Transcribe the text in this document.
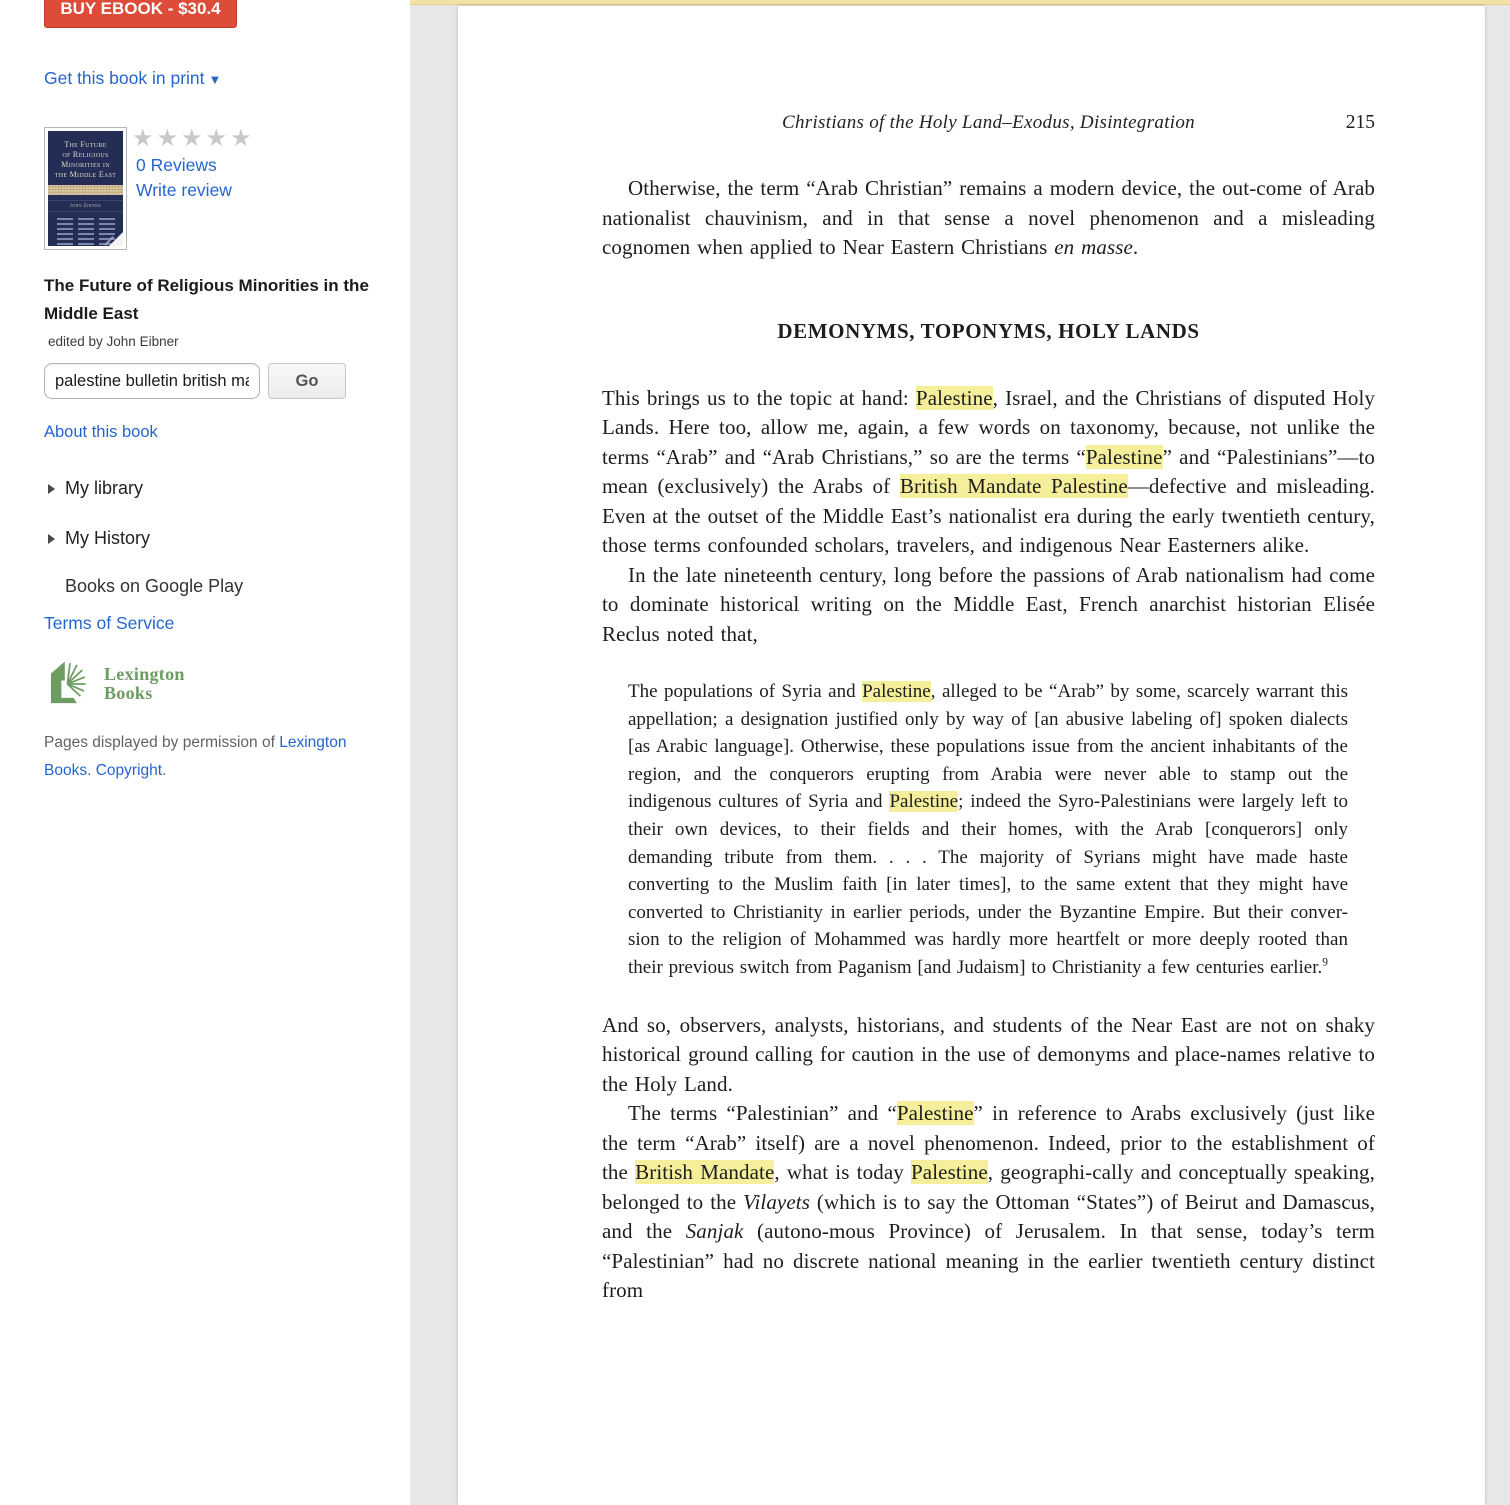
BUY EBOOK - $30.4
Get this book in print ▼
The Future
of Religious
Minorities in
the Middle East
John Eibner
★★★★★
0 Reviews
Write review
The Future of Religious Minorities in the Middle East
edited by John Eibner
palestine bulletin british mand
Go
About this book
My library
My History
Books on Google Play
Terms of Service
Lexington
Books
Pages displayed by permission of Lexington Books. Copyright.
Christians of the Holy Land–Exodus, Disintegration	215

Otherwise, the term “Arab Christian” remains a modern device, the out-come of Arab nationalist chauvinism, and in that sense a novel phenomenon and a misleading cognomen when applied to Near Eastern Christians en masse.

DEMONYMS, TOPONYMS, HOLY LANDS

This brings us to the topic at hand: Palestine, Israel, and the Christians of disputed Holy Lands. Here too, allow me, again, a few words on taxonomy, because, not unlike the terms “Arab” and “Arab Christians,” so are the terms “Palestine” and “Palestinians”—to mean (exclusively) the Arabs of British Mandate Palestine—defective and misleading. Even at the outset of the Middle East’s nationalist era during the early twentieth century, those terms confounded scholars, travelers, and indigenous Near Easterners alike.

In the late nineteenth century, long before the passions of Arab nationalism had come to dominate historical writing on the Middle East, French anarchist historian Elisée Reclus noted that,

The populations of Syria and Palestine, alleged to be “Arab” by some, scarcely warrant this appellation; a designation justified only by way of [an abusive labeling of] spoken dialects [as Arabic language]. Otherwise, these populations issue from the ancient inhabitants of the region, and the conquerors erupting from Arabia were never able to stamp out the indigenous cultures of Syria and Palestine; indeed the Syro-Palestinians were largely left to their own devices, to their fields and their homes, with the Arab [conquerors] only demanding tribute from them. . . . The majority of Syrians might have made haste converting to the Muslim faith [in later times], to the same extent that they might have converted to Christianity in earlier periods, under the Byzantine Empire. But their conver-sion to the religion of Mohammed was hardly more heartfelt or more deeply rooted than their previous switch from Paganism [and Judaism] to Christianity a few centuries earlier.$^9$

And so, observers, analysts, historians, and students of the Near East are not on shaky historical ground calling for caution in the use of demonyms and place-names relative to the Holy Land.

The terms “Palestinian” and “Palestine” in reference to Arabs exclusively (just like the term “Arab” itself) are a novel phenomenon. Indeed, prior to the establishment of the British Mandate, what is today Palestine, geographi-cally and conceptually speaking, belonged to the Vilayets (which is to say the Ottoman “States”) of Beirut and Damascus, and the Sanjak (autono-mous Province) of Jerusalem. In that sense, today’s term “Palestinian” had no discrete national meaning in the earlier twentieth century distinct from
